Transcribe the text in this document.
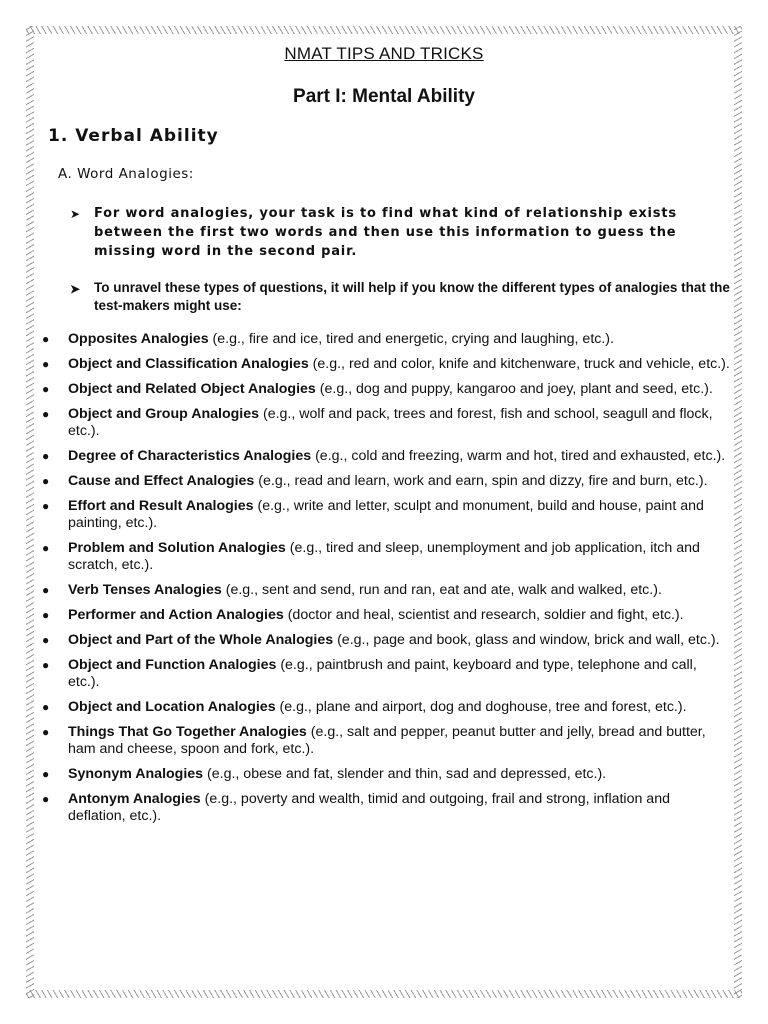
NMAT TIPS AND TRICKS
Part I: Mental Ability
1. Verbal Ability
A. Word Analogies:
➤	For word analogies, your task is to find what kind of relationship exists between the first two words and then use this information to guess the missing word in the second pair.
➤	To unravel these types of questions, it will help if you know the different types of analogies that the test-makers might use:
●	Opposites Analogies (e.g., fire and ice, tired and energetic, crying and laughing, etc.).
●	Object and Classification Analogies (e.g., red and color, knife and kitchenware, truck and vehicle, etc.).
●	Object and Related Object Analogies (e.g., dog and puppy, kangaroo and joey, plant and seed, etc.).
●	Object and Group Analogies (e.g., wolf and pack, trees and forest, fish and school, seagull and flock, etc.).
●	Degree of Characteristics Analogies (e.g., cold and freezing, warm and hot, tired and exhausted, etc.).
●	Cause and Effect Analogies (e.g., read and learn, work and earn, spin and dizzy, fire and burn, etc.).
●	Effort and Result Analogies (e.g., write and letter, sculpt and monument, build and house, paint and painting, etc.).
●	Problem and Solution Analogies (e.g., tired and sleep, unemployment and job application, itch and scratch, etc.).
●	Verb Tenses Analogies (e.g., sent and send, run and ran, eat and ate, walk and walked, etc.).
●	Performer and Action Analogies (doctor and heal, scientist and research, soldier and fight, etc.).
●	Object and Part of the Whole Analogies (e.g., page and book, glass and window, brick and wall, etc.).
●	Object and Function Analogies (e.g., paintbrush and paint, keyboard and type, telephone and call, etc.).
●	Object and Location Analogies (e.g., plane and airport, dog and doghouse, tree and forest, etc.).
●	Things That Go Together Analogies (e.g., salt and pepper, peanut butter and jelly, bread and butter, ham and cheese, spoon and fork, etc.).
●	Synonym Analogies (e.g., obese and fat, slender and thin, sad and depressed, etc.).
●	Antonym Analogies (e.g., poverty and wealth, timid and outgoing, frail and strong, inflation and deflation, etc.).
